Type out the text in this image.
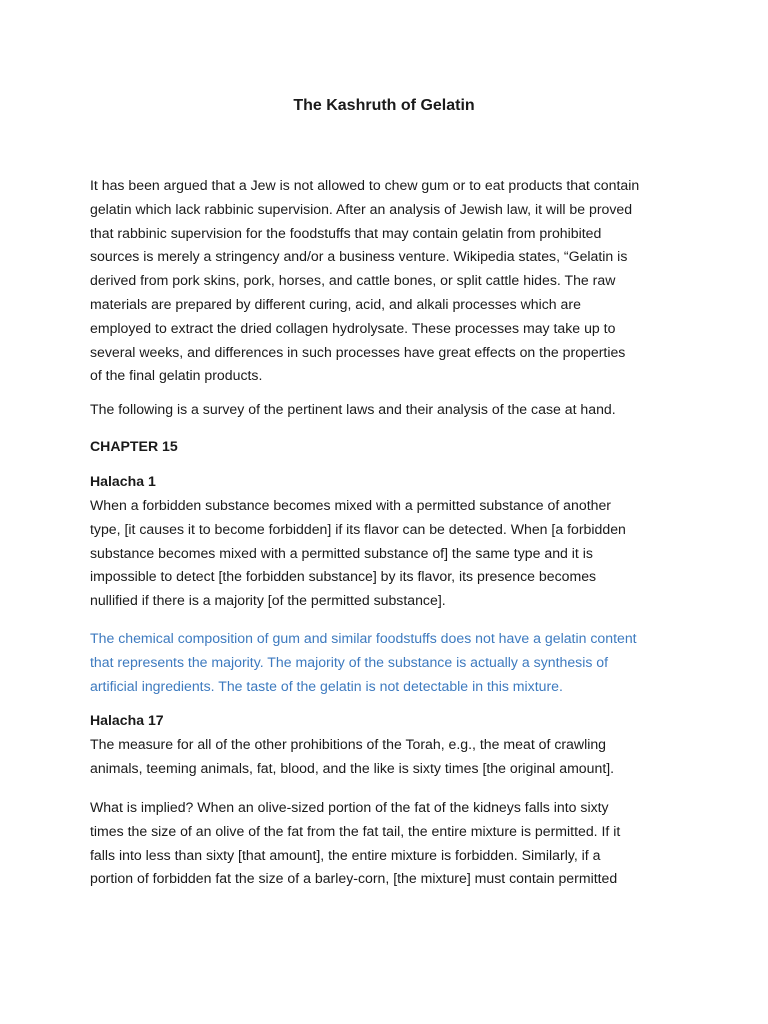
The Kashruth of Gelatin
It has been argued that a Jew is not allowed to chew gum or to eat products that contain
gelatin which lack rabbinic supervision. After an analysis of Jewish law, it will be proved
that rabbinic supervision for the foodstuffs that may contain gelatin from prohibited
sources is merely a stringency and/or a business venture. Wikipedia states, “Gelatin is
derived from pork skins, pork, horses, and cattle bones, or split cattle hides. The raw
materials are prepared by different curing, acid, and alkali processes which are
employed to extract the dried collagen hydrolysate. These processes may take up to
several weeks, and differences in such processes have great effects on the properties
of the final gelatin products.
The following is a survey of the pertinent laws and their analysis of the case at hand.
CHAPTER 15
Halacha 1
When a forbidden substance becomes mixed with a permitted substance of another
type, [it causes it to become forbidden] if its flavor can be detected. When [a forbidden
substance becomes mixed with a permitted substance of] the same type and it is
impossible to detect [the forbidden substance] by its flavor, its presence becomes
nullified if there is a majority [of the permitted substance].
The chemical composition of gum and similar foodstuffs does not have a gelatin content
that represents the majority. The majority of the substance is actually a synthesis of
artificial ingredients. The taste of the gelatin is not detectable in this mixture.
Halacha 17
The measure for all of the other prohibitions of the Torah, e.g., the meat of crawling
animals, teeming animals, fat, blood, and the like is sixty times [the original amount].
What is implied? When an olive-sized portion of the fat of the kidneys falls into sixty
times the size of an olive of the fat from the fat tail, the entire mixture is permitted. If it
falls into less than sixty [that amount], the entire mixture is forbidden. Similarly, if a
portion of forbidden fat the size of a barley-corn, [the mixture] must contain permitted
